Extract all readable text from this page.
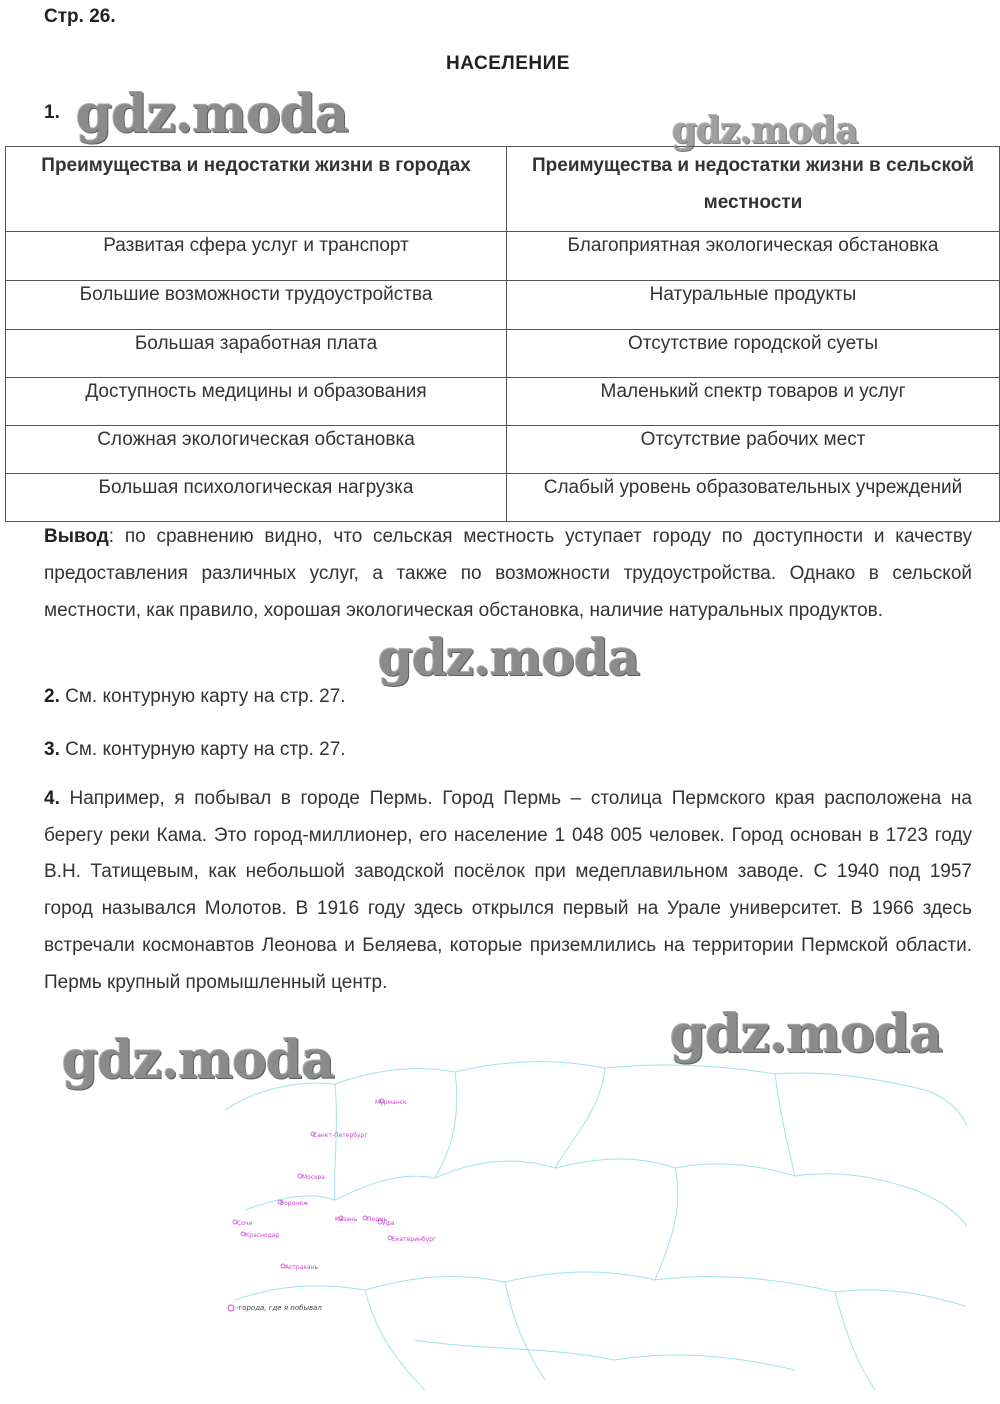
Стр. 26.
НАСЕЛЕНИЕ
1.
Преимущества и недостатки жизни в городах	Преимущества и недостатки жизни в сельской местности
Развитая сфера услуг и транспорт	Благоприятная экологическая обстановка
Большие возможности трудоустройства	Натуральные продукты
Большая заработная плата	Отсутствие городской суеты
Доступность медицины и образования	Маленький спектр товаров и услуг
Сложная экологическая обстановка	Отсутствие рабочих мест
Большая психологическая нагрузка	Слабый уровень образовательных учреждений
Вывод: по сравнению видно, что сельская местность уступает городу по доступности и качеству предоставления различных услуг, а также по возможности трудоустройства. Однако в сельской местности, как правило, хорошая экологическая обстановка, наличие натуральных продуктов.
2. См. контурную карту на стр. 27.
3. См. контурную карту на стр. 27.
4. Например, я побывал в городе Пермь. Город Пермь – столица Пермского края расположена на берегу реки Кама. Это город-миллионер, его население 1 048 005 человек. Город основан в 1723 году В.Н. Татищевым, как небольшой заводской посёлок при медеплавильном заводе. С 1940 под 1957 город назывался Молотов. В 1916 году здесь открылся первый на Урале университет. В 1966 здесь встречали космонавтов Леонова и Беляева, которые приземлились на территории Пермской области. Пермь крупный промышленный центр.
Мурманск
Санкт-Петербург
Москва
Воронеж
Казань Пермь
Уфа
Екатеринбург
Сочи
Краснодар
Астрахань
-города, где я побывал
gdz.moda	gdz.moda
gdz.moda
gdz.moda	gdz.moda
